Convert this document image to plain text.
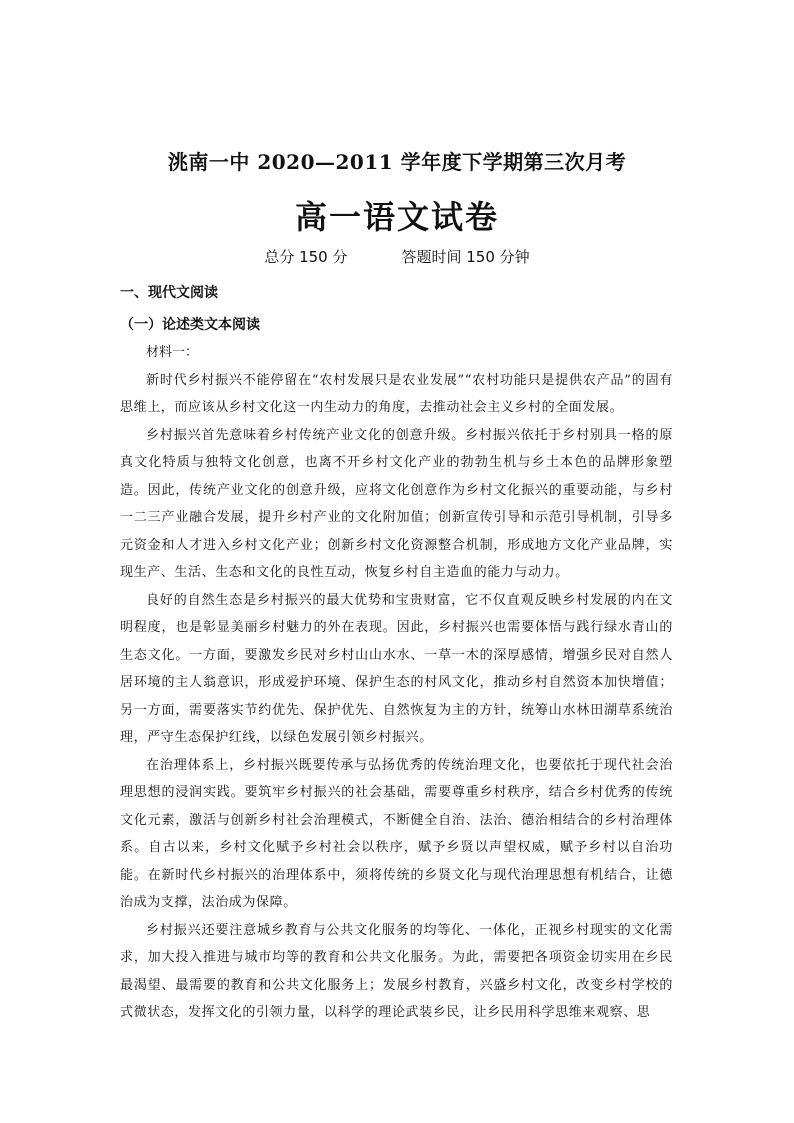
洮南一中 2020—2011 学年度下学期第三次月考
高一语文试卷
总分 150 分	答题时间 150 分钟
一、现代文阅读
（一）论述类文本阅读

材料一：

新时代乡村振兴不能停留在“农村发展只是农业发展”“农村功能只是提供农产品”的固有思维上，而应该从乡村文化这一内生动力的角度，去推动社会主义乡村的全面发展。

乡村振兴首先意味着乡村传统产业文化的创意升级。乡村振兴依托于乡村别具一格的原真文化特质与独特文化创意，也离不开乡村文化产业的勃勃生机与乡土本色的品牌形象塑造。因此，传统产业文化的创意升级，应将文化创意作为乡村文化振兴的重要动能，与乡村一二三产业融合发展，提升乡村产业的文化附加值；创新宣传引导和示范引导机制，引导多元资金和人才进入乡村文化产业；创新乡村文化资源整合机制，形成地方文化产业品牌，实现生产、生活、生态和文化的良性互动，恢复乡村自主造血的能力与动力。

良好的自然生态是乡村振兴的最大优势和宝贵财富，它不仅直观反映乡村发展的内在文明程度，也是彰显美丽乡村魅力的外在表现。因此，乡村振兴也需要体悟与践行绿水青山的生态文化。一方面，要激发乡民对乡村山山水水、一草一木的深厚感情，增强乡民对自然人居环境的主人翁意识，形成爱护环境、保护生态的村风文化，推动乡村自然资本加快增值；另一方面，需要落实节约优先、保护优先、自然恢复为主的方针，统筹山水林田湖草系统治理，严守生态保护红线，以绿色发展引领乡村振兴。

在治理体系上，乡村振兴既要传承与弘扬优秀的传统治理文化，也要依托于现代社会治理思想的浸润实践。要筑牢乡村振兴的社会基础，需要尊重乡村秩序，结合乡村优秀的传统文化元素，激活与创新乡村社会治理模式，不断健全自治、法治、德治相结合的乡村治理体系。自古以来，乡村文化赋予乡村社会以秩序，赋予乡贤以声望权威，赋予乡村以自治功能。在新时代乡村振兴的治理体系中，须将传统的乡贤文化与现代治理思想有机结合，让德治成为支撑，法治成为保障。

乡村振兴还要注意城乡教育与公共文化服务的均等化、一体化，正视乡村现实的文化需求，加大投入推进与城市均等的教育和公共文化服务。为此，需要把各项资金切实用在乡民最渴望、最需要的教育和公共文化服务上；发展乡村教育，兴盛乡村文化，改变乡村学校的式微状态，发挥文化的引领力量，以科学的理论武装乡民，让乡民用科学思维来观察、思
